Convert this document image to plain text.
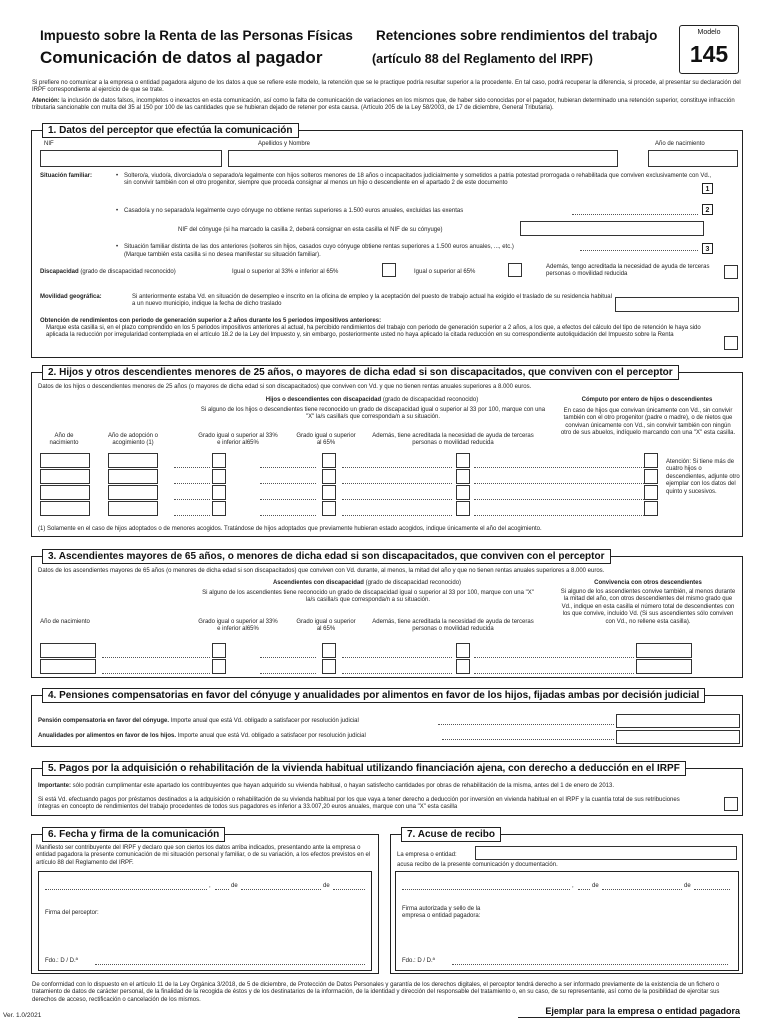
Impuesto sobre la Renta de las Personas Físicas Retenciones sobre rendimientos del trabajo
Comunicación de datos al pagador	(artículo 88 del Reglamento del IRPF)
Modelo
145
Si prefiere no comunicar a la empresa o entidad pagadora alguno de los datos a que se refiere este modelo, la retención que se le practique podría resultar superior a la procedente. En tal caso, podrá recuperar la diferencia, si procede, al presentar su declaración del IRPF correspondiente al ejercicio de que se trate.
Atención: la inclusión de datos falsos, incompletos o inexactos en esta comunicación, así como la falta de comunicación de variaciones en los mismos que, de haber sido conocidas por el pagador, hubieran determinado una retención superior, constituye infracción tributaria sancionable con multa del 35 al 150 por 100 de las cantidades que se hubieran dejado de retener por esta causa. (Artículo 205 de la Ley 58/2003, de 17 de diciembre, General Tributaria).
1. Datos del perceptor que efectúa la comunicación
NIF	Apellidos y Nombre	Año de nacimiento
Situación familiar:	• Soltero/a, viudo/a, divorciado/a o separado/a legalmente con hijos solteros menores de 18 años o incapacitados judicialmente y sometidos a patria potestad prorrogada o rehabilitada que conviven exclusivamente con Vd., sin convivir también con el otro progenitor, siempre que proceda consignar al menos un hijo o descendiente en el apartado 2 de este documento
1
• Casado/a y no separado/a legalmente cuyo cónyuge no obtiene rentas superiores a 1.500 euros anuales, excluidas las exentas	2
NIF del cónyuge (si ha marcado la casilla 2, deberá consignar en esta casilla el NIF de su cónyuge)
• Situación familiar distinta de las dos anteriores (solteros sin hijos, casados cuyo cónyuge obtiene rentas superiores a 1.500 euros anuales, ..., etc.)
(Marque también esta casilla si no desea manifestar su situación familiar).
3
Discapacidad (grado de discapacidad reconocido)	Igual o superior al 33% e inferior al 65%	Igual o superior al 65%
Además, tengo acreditada la necesidad de ayuda de terceras personas o movilidad reducida
Movilidad geográfica:	Si anteriormente estaba Vd. en situación de desempleo e inscrito en la oficina de empleo y la aceptación del puesto de trabajo actual ha exigido el traslado de su residencia habitual a un nuevo municipio, indique la fecha de dicho traslado
Obtención de rendimientos con periodo de generación superior a 2 años durante los 5 periodos impositivos anteriores:
Marque esta casilla si, en el plazo comprendido en los 5 periodos impositivos anteriores al actual, ha percibido rendimientos del trabajo con periodo de generación superior a 2 años, a los que, a efectos del cálculo del tipo de retención le haya sido aplicada la reducción por irregularidad contemplada en el artículo 18.2 de la Ley del Impuesto y, sin embargo, posteriormente usted no haya aplicado la citada reducción en su correspondiente autoliquidación del Impuesto sobre la Renta
2. Hijos y otros descendientes menores de 25 años, o mayores de dicha edad si son discapacitados, que conviven con el perceptor
Datos de los hijos o descendientes menores de 25 años (o mayores de dicha edad si son discapacitados) que conviven con Vd. y que no tienen rentas anuales superiores a 8.000 euros.
Hijos o descendientes con discapacidad (grado de discapacidad reconocido)
Si alguno de los hijos o descendientes tiene reconocido un grado de discapacidad igual o superior al 33 por 100, marque con una "X" la/s casilla/s que corresponda/n a su situación.
Cómputo por entero de hijos o descendientes
En caso de hijos que convivan únicamente con Vd., sin convivir también con el otro progenitor (padre o madre), o de nietos que convivan únicamente con Vd., sin convivir también con ningún otro de sus abuelos, indíquelo marcando con una "X" esta casilla.
Año de nacimiento
Año de adopción o acogimiento (1)
Grado igual o superior al 33% e inferior al65%
Grado igual o superior al 65%
Además, tiene acreditada la necesidad de ayuda de terceras personas o movilidad reducida
Atención: Si tiene más de cuatro hijos o descendientes, adjunte otro ejemplar con los datos del quinto y sucesivos.
(1) Solamente en el caso de hijos adoptados o de menores acogidos. Tratándose de hijos adoptados que previamente hubieran estado acogidos, indique únicamente el año del acogimiento.
3. Ascendientes mayores de 65 años, o menores de dicha edad si son discapacitados, que conviven con el perceptor
Datos de los ascendientes mayores de 65 años (o menores de dicha edad si son discapacitados) que conviven con Vd. durante, al menos, la mitad del año y que no tienen rentas anuales superiores a 8.000 euros.
Ascendientes con discapacidad (grado de discapacidad reconocido)
Si alguno de los ascendientes tiene reconocido un grado de discapacidad igual o superior al 33 por 100, marque con una "X" la/s casilla/s que corresponda/n a su situación.
Convivencia con otros descendientes
Si alguno de los ascendientes convive también, al menos durante la mitad del año, con otros descendientes del mismo grado que Vd., indique en esta casilla el número total de descendientes con los que convive, incluido Vd. (Si sus ascendientes sólo conviven con Vd., no rellene esta casilla).
Año de nacimiento	Grado igual o superior al 33% e inferior al65%
Grado igual o superior al 65%
Además, tiene acreditada la necesidad de ayuda de terceras personas o movilidad reducida
4. Pensiones compensatorias en favor del cónyuge y anualidades por alimentos en favor de los hijos, fijadas ambas por decisión judicial
Pensión compensatoria en favor del cónyuge. Importe anual que está Vd. obligado a satisfacer por resolución judicial
Anualidades por alimentos en favor de los hijos. Importe anual que está Vd. obligado a satisfacer por resolución judicial
5. Pagos por la adquisición o rehabilitación de la vivienda habitual utilizando financiación ajena, con derecho a deducción en el IRPF
Importante: sólo podrán cumplimentar este apartado los contribuyentes que hayan adquirido su vivienda habitual, o hayan satisfecho cantidades por obras de rehabilitación de la misma, antes del 1 de enero de 2013.
Si está Vd. efectuando pagos por préstamos destinados a la adquisición o rehabilitación de su vivienda habitual por los que vaya a tener derecho a deducción por inversión en vivienda habitual en el IRPF y la cuantía total de sus retribuciones íntegras en concepto de rendimientos del trabajo procedentes de todos sus pagadores es inferior a 33.007,20 euros anuales, marque con una "X" esta casilla
6. Fecha y firma de la comunicación
Manifiesto ser contribuyente del IRPF y declaro que son ciertos los datos arriba indicados, presentando ante la empresa o entidad pagadora la presente comunicación de mi situación personal y familiar, o de su variación, a los efectos previstos en el artículo 88 del Reglamento del IRPF.
,	de	de
Firma del perceptor:
Fdo.: D / D.ª
7. Acuse de recibo
La empresa o entidad:
acusa recibo de la presente comunicación y documentación.
,	de	de
Firma autorizada y sello de la empresa o entidad pagadora:
Fdo.: D / D.ª
De conformidad con lo dispuesto en el artículo 11 de la Ley Orgánica 3/2018, de 5 de diciembre, de Protección de Datos Personales y garantía de los derechos digitales, el perceptor tendrá derecho a ser informado previamente de la existencia de un fichero o tratamiento de datos de carácter personal, de la finalidad de la recogida de éstos y de los destinatarios de la información, de la identidad y dirección del responsable del tratamiento o, en su caso, de su representante, así como de la posibilidad de ejercitar sus derechos de acceso, rectificación o cancelación de los mismos.
Ejemplar para la empresa o entidad pagadora
Ver. 1.0/2021
